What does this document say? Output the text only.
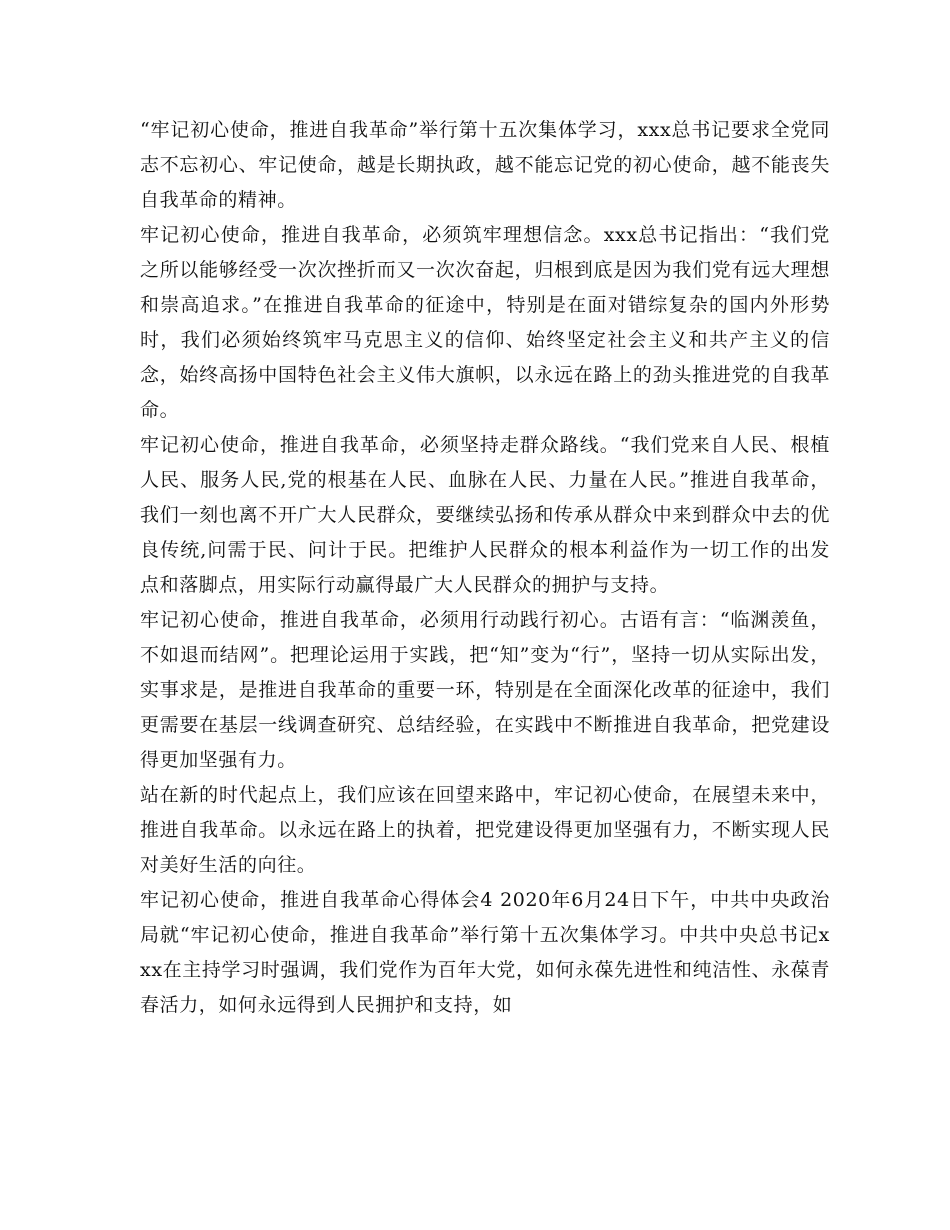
“牢记初心使命，推进自我革命”举行第十五次集体学习，xxx总书记要求全党同志不忘初心、牢记使命，越是长期执政，越不能忘记党的初心使命，越不能丧失自我革命的精神。

牢记初心使命，推进自我革命，必须筑牢理想信念。xxx总书记指出：“我们党之所以能够经受一次次挫折而又一次次奋起，归根到底是因为我们党有远大理想和崇高追求。”在推进自我革命的征途中，特别是在面对错综复杂的国内外形势时，我们必须始终筑牢马克思主义的信仰、始终坚定社会主义和共产主义的信念，始终高扬中国特色社会主义伟大旗帜，以永远在路上的劲头推进党的自我革命。

牢记初心使命，推进自我革命，必须坚持走群众路线。“我们党来自人民、根植人民、服务人民,党的根基在人民、血脉在人民、力量在人民。”推进自我革命，我们一刻也离不开广大人民群众，要继续弘扬和传承从群众中来到群众中去的优良传统,问需于民、问计于民。把维护人民群众的根本利益作为一切工作的出发点和落脚点，用实际行动赢得最广大人民群众的拥护与支持。

牢记初心使命，推进自我革命，必须用行动践行初心。古语有言：“临渊羡鱼，不如退而结网”。把理论运用于实践，把“知”变为“行”，坚持一切从实际出发，实事求是，是推进自我革命的重要一环，特别是在全面深化改革的征途中，我们更需要在基层一线调查研究、总结经验，在实践中不断推进自我革命，把党建设得更加坚强有力。

站在新的时代起点上，我们应该在回望来路中，牢记初心使命，在展望未来中，推进自我革命。以永远在路上的执着，把党建设得更加坚强有力，不断实现人民对美好生活的向往。

牢记初心使命，推进自我革命心得体会4 2020年6月24日下午，中共中央政治局就“牢记初心使命，推进自我革命”举行第十五次集体学习。中共中央总书记xxx在主持学习时强调，我们党作为百年大党，如何永葆先进性和纯洁性、永葆青春活力，如何永远得到人民拥护和支持，如
